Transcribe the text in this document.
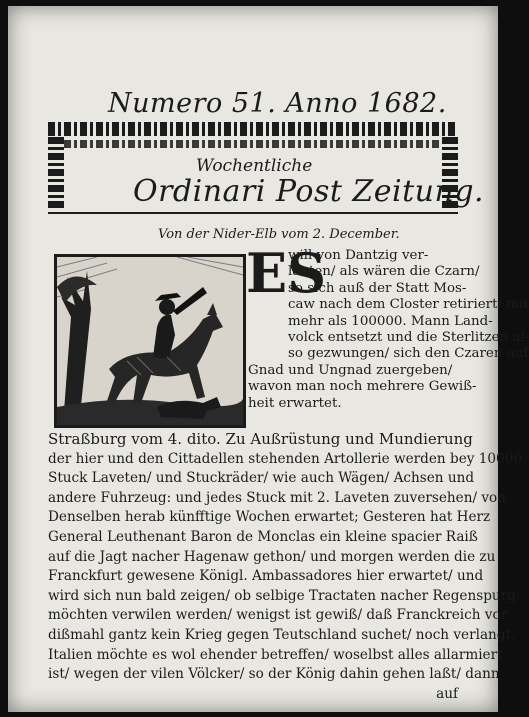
Numero 51. Anno 1682.
Wochentliche
Ordinari Post Zeitung.
Von der Nider-Elb vom 2. December.
ES
will von Dantzig ver-
lauten/ als wären die Czarn/
so sich auß der Statt Mos-
caw nach dem Closter retiriert/ mit
mehr als 100000. Mann Land-
volck entsetzt und die Sterlitzen al-
so gezwungen/ sich den Czaren auf
Gnad und Ungnad zuergeben/
wavon man noch mehrere Gewiß-
heit erwartet.
Straßburg vom 4. dito. Zu Außrüstung und Mundierung
der hier und den Cittadellen stehenden Artollerie werden bey 10000
Stuck Laveten/ und Stuckräder/ wie auch Wägen/ Achsen und
andere Fuhrzeug: und jedes Stuck mit 2. Laveten zuversehen/ von
Denselben herab künfftige Wochen erwartet; Gesteren hat Herz
General Leuthenant Baron de Monclas ein kleine spacier Raiß
auf die Jagt nacher Hagenaw gethon/ und morgen werden die zu
Franckfurt gewesene Königl. Ambassadores hier erwartet/ und
wird sich nun bald zeigen/ ob selbige Tractaten nacher Regenspurg
möchten verwilen werden/ wenigst ist gewiß/ daß Franckreich vor
dißmahl gantz kein Krieg gegen Teutschland suchet/ noch verlangt.
Italien möchte es wol ehender betreffen/ woselbst alles allarmiert
ist/ wegen der vilen Völcker/ so der König dahin gehen laßt/ dann
auf
